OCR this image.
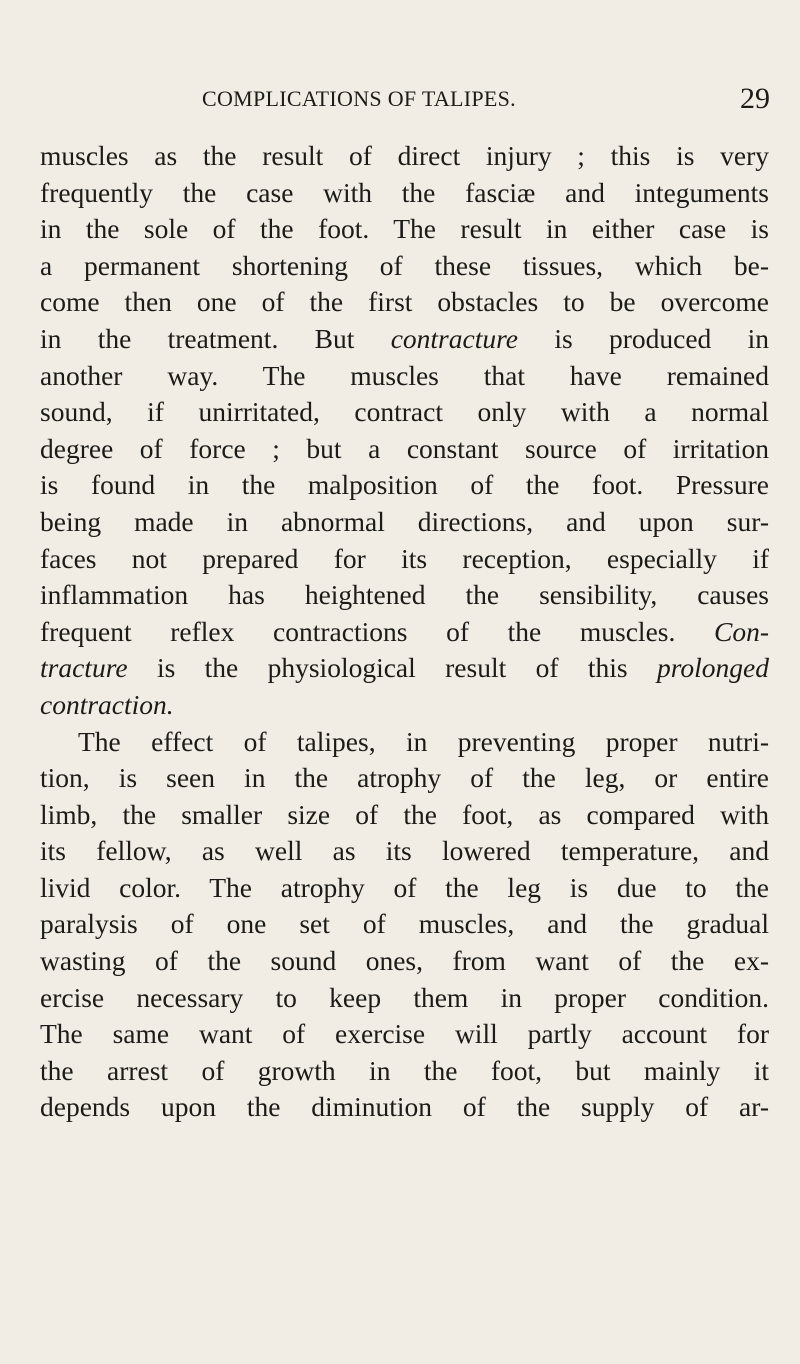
COMPLICATIONS OF TALIPES.	29
muscles as the result of direct injury ; this is very
frequently the case with the fasciæ and integuments
in the sole of the foot. The result in either case is
a permanent shortening of these tissues, which be-
come then one of the first obstacles to be overcome
in the treatment. But contracture is produced in
another way. The muscles that have remained
sound, if unirritated, contract only with a normal
degree of force ; but a constant source of irritation
is found in the malposition of the foot. Pressure
being made in abnormal directions, and upon sur-
faces not prepared for its reception, especially if
inflammation has heightened the sensibility, causes
frequent reflex contractions of the muscles. Con-
tracture is the physiological result of this prolonged
contraction.
The effect of talipes, in preventing proper nutri-
tion, is seen in the atrophy of the leg, or entire
limb, the smaller size of the foot, as compared with
its fellow, as well as its lowered temperature, and
livid color. The atrophy of the leg is due to the
paralysis of one set of muscles, and the gradual
wasting of the sound ones, from want of the ex-
ercise necessary to keep them in proper condition.
The same want of exercise will partly account for
the arrest of growth in the foot, but mainly it
depends upon the diminution of the supply of ar-
